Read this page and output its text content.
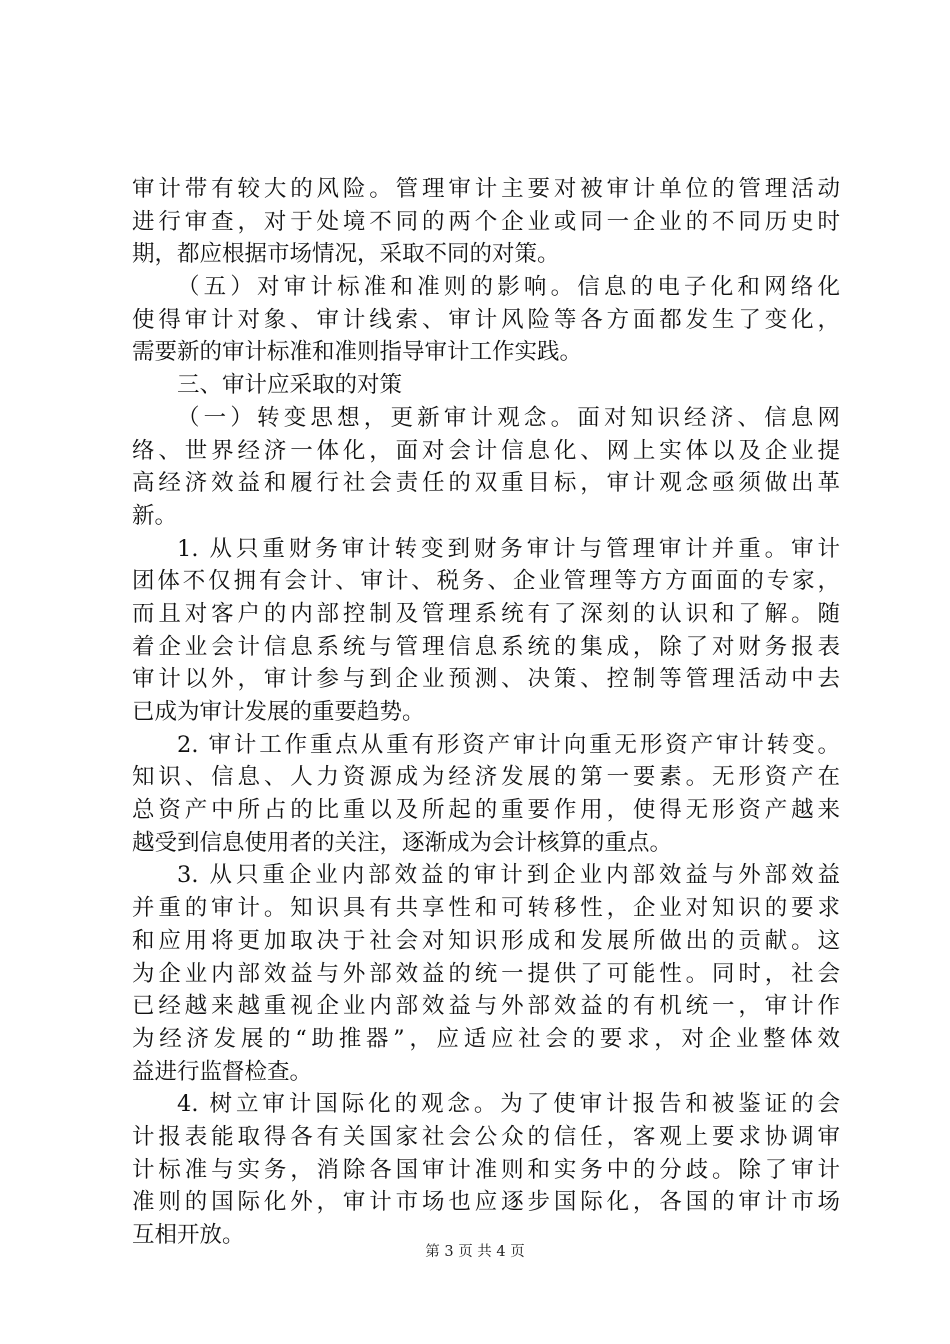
审计带有较大的风险。管理审计主要对被审计单位的管理活动
进行审查，对于处境不同的两个企业或同一企业的不同历史时
期，都应根据市场情况，采取不同的对策。
（五）对审计标准和准则的影响。信息的电子化和网络化
使得审计对象、审计线索、审计风险等各方面都发生了变化，
需要新的审计标准和准则指导审计工作实践。
三、审计应采取的对策
（一）转变思想，更新审计观念。面对知识经济、信息网
络、世界经济一体化，面对会计信息化、网上实体以及企业提
高经济效益和履行社会责任的双重目标，审计观念亟须做出革
新。
1. 从只重财务审计转变到财务审计与管理审计并重。审计
团体不仅拥有会计、审计、税务、企业管理等方方面面的专家，
而且对客户的内部控制及管理系统有了深刻的认识和了解。随
着企业会计信息系统与管理信息系统的集成，除了对财务报表
审计以外，审计参与到企业预测、决策、控制等管理活动中去
已成为审计发展的重要趋势。
2. 审计工作重点从重有形资产审计向重无形资产审计转变。
知识、信息、人力资源成为经济发展的第一要素。无形资产在
总资产中所占的比重以及所起的重要作用，使得无形资产越来
越受到信息使用者的关注，逐渐成为会计核算的重点。
3. 从只重企业内部效益的审计到企业内部效益与外部效益
并重的审计。知识具有共享性和可转移性，企业对知识的要求
和应用将更加取决于社会对知识形成和发展所做出的贡献。这
为企业内部效益与外部效益的统一提供了可能性。同时，社会
已经越来越重视企业内部效益与外部效益的有机统一，审计作
为经济发展的“助推器”，应适应社会的要求，对企业整体效
益进行监督检查。
4. 树立审计国际化的观念。为了使审计报告和被鉴证的会
计报表能取得各有关国家社会公众的信任，客观上要求协调审
计标准与实务，消除各国审计准则和实务中的分歧。除了审计
准则的国际化外，审计市场也应逐步国际化，各国的审计市场
互相开放。
第 3 页 共 4 页
